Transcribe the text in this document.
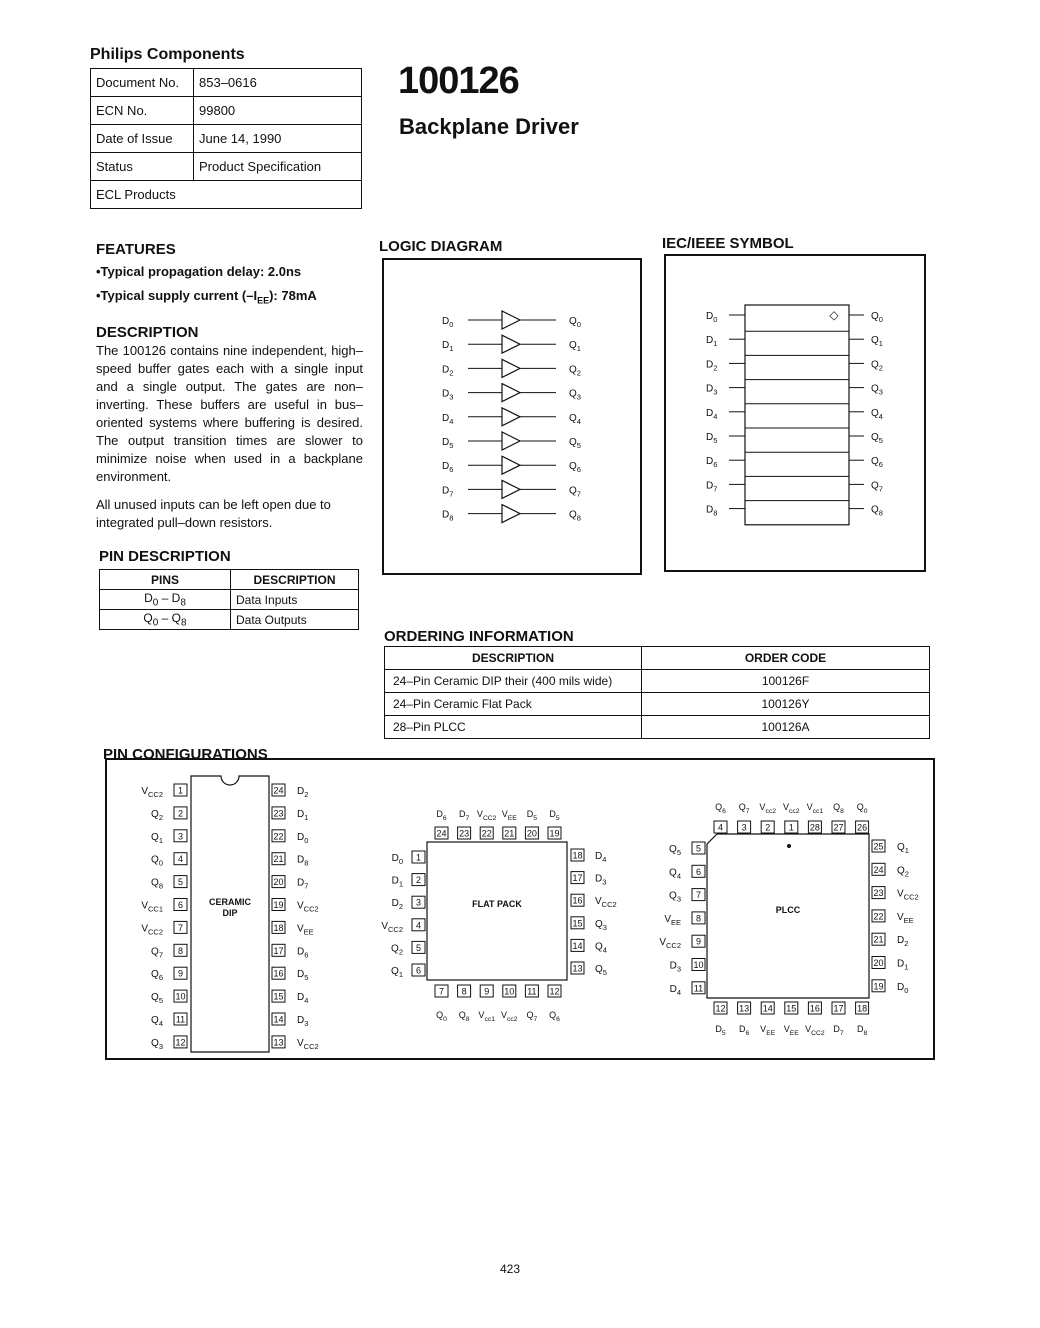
Philips Components
Document No.	853–0616
ECN No.	99800
Date of Issue	June 14, 1990
Status	Product Specification
ECL Products	
100126
Backplane Driver
FEATURES
•Typical propagation delay: 2.0ns
•Typical supply current $(-I_{EE})$: 78mA
DESCRIPTION
The 100126 contains nine independent, high–speed buffer gates each with a single input and a single output. The gates are non–inverting. These buffers are useful in bus–oriented systems where buffering is desired. The output transition times are slower to minimize noise when used in a backplane environment.
All unused inputs can be left open due to integrated pull–down resistors.
PIN DESCRIPTION
PINS	DESCRIPTION
$D_0 - D_8$	Data Inputs
$Q_0 - Q_8$	Data Outputs
LOGIC DIAGRAM
$D_0$	$Q_0$
$D_1$	$Q_1$
$D_2$	$Q_2$
$D_3$	$Q_3$
$D_4$	$Q_4$
$D_5$	$Q_5$
$D_6$	$Q_6$
$D_7$	$Q_7$
$D_8$	$Q_8$
IEC/IEEE SYMBOL
◇
$D_0$	$Q_0$
$D_1$	$Q_1$
$D_2$	$Q_2$
$D_3$	$Q_3$
$D_4$	$Q_4$
$D_5$	$Q_5$
$D_6$	$Q_6$
$D_7$	$Q_7$
$D_8$	$Q_8$
ORDERING INFORMATION
DESCRIPTION	ORDER CODE
24–Pin Ceramic DIP their (400 mils wide)	100126F
24–Pin Ceramic Flat Pack	100126Y
28–Pin PLCC	100126A
PIN CONFIGURATIONS
CERAMIC
DIP
1
$V_{CC2}$
2
$Q_2$
3
$Q_1$
4
$Q_0$
5
$Q_8$
6
$V_{CC1}$
7
$V_{CC2}$
8
$Q_7$
9
$Q_6$
10
$Q_5$
11
$Q_4$
12
$Q_3$
24 $D_2$
23 $D_1$
22 $D_0$
21 $D_8$
20 $D_7$
19 $V_{CC2}$
18 $V_{EE}$
17 $D_6$
16 $D_5$
15 $D_4$
14 $D_3$
13 $V_{CC2}$
FLAT PACK
24
$D_6$
23
$D_7$
22
$V_{CC2}$
21
$V_{EE}$
20
$D_5$
19
$D_5$
7
$Q_0$
8
$Q_8$
9
$V_{cc1}$
10
$V_{cc2}$
11
$Q_7$
12
$Q_6$
1
$D_0$
2
$D_1$
3
$D_2$
4
$V_{CC2}$
5
$Q_2$
6
$Q_1$
18 $D_4$
17 $D_3$
16 $V_{CC2}$
15 $Q_3$
14 $Q_4$
13 $Q_5$
PLCC
4
$Q_6$
3
$Q_7$
2
$V_{cc2}$
1
$V_{cc2}$
28
$V_{cc1}$
27
$Q_8$
26
$Q_0$
12
$D_5$
13
$D_6$
14
$V_{EE}$
15
$V_{EE}$
16
$V_{CC2}$
17
$D_7$
18
$D_8$
5
$Q_5$
6
$Q_4$
7
$Q_3$
8
$V_{EE}$
9
$V_{CC2}$
10
$D_3$
11
$D_4$
25 $Q_1$
24 $Q_2$
23 $V_{CC2}$
22 $V_{EE}$
21 $D_2$
20 $D_1$
19 $D_0$
423
